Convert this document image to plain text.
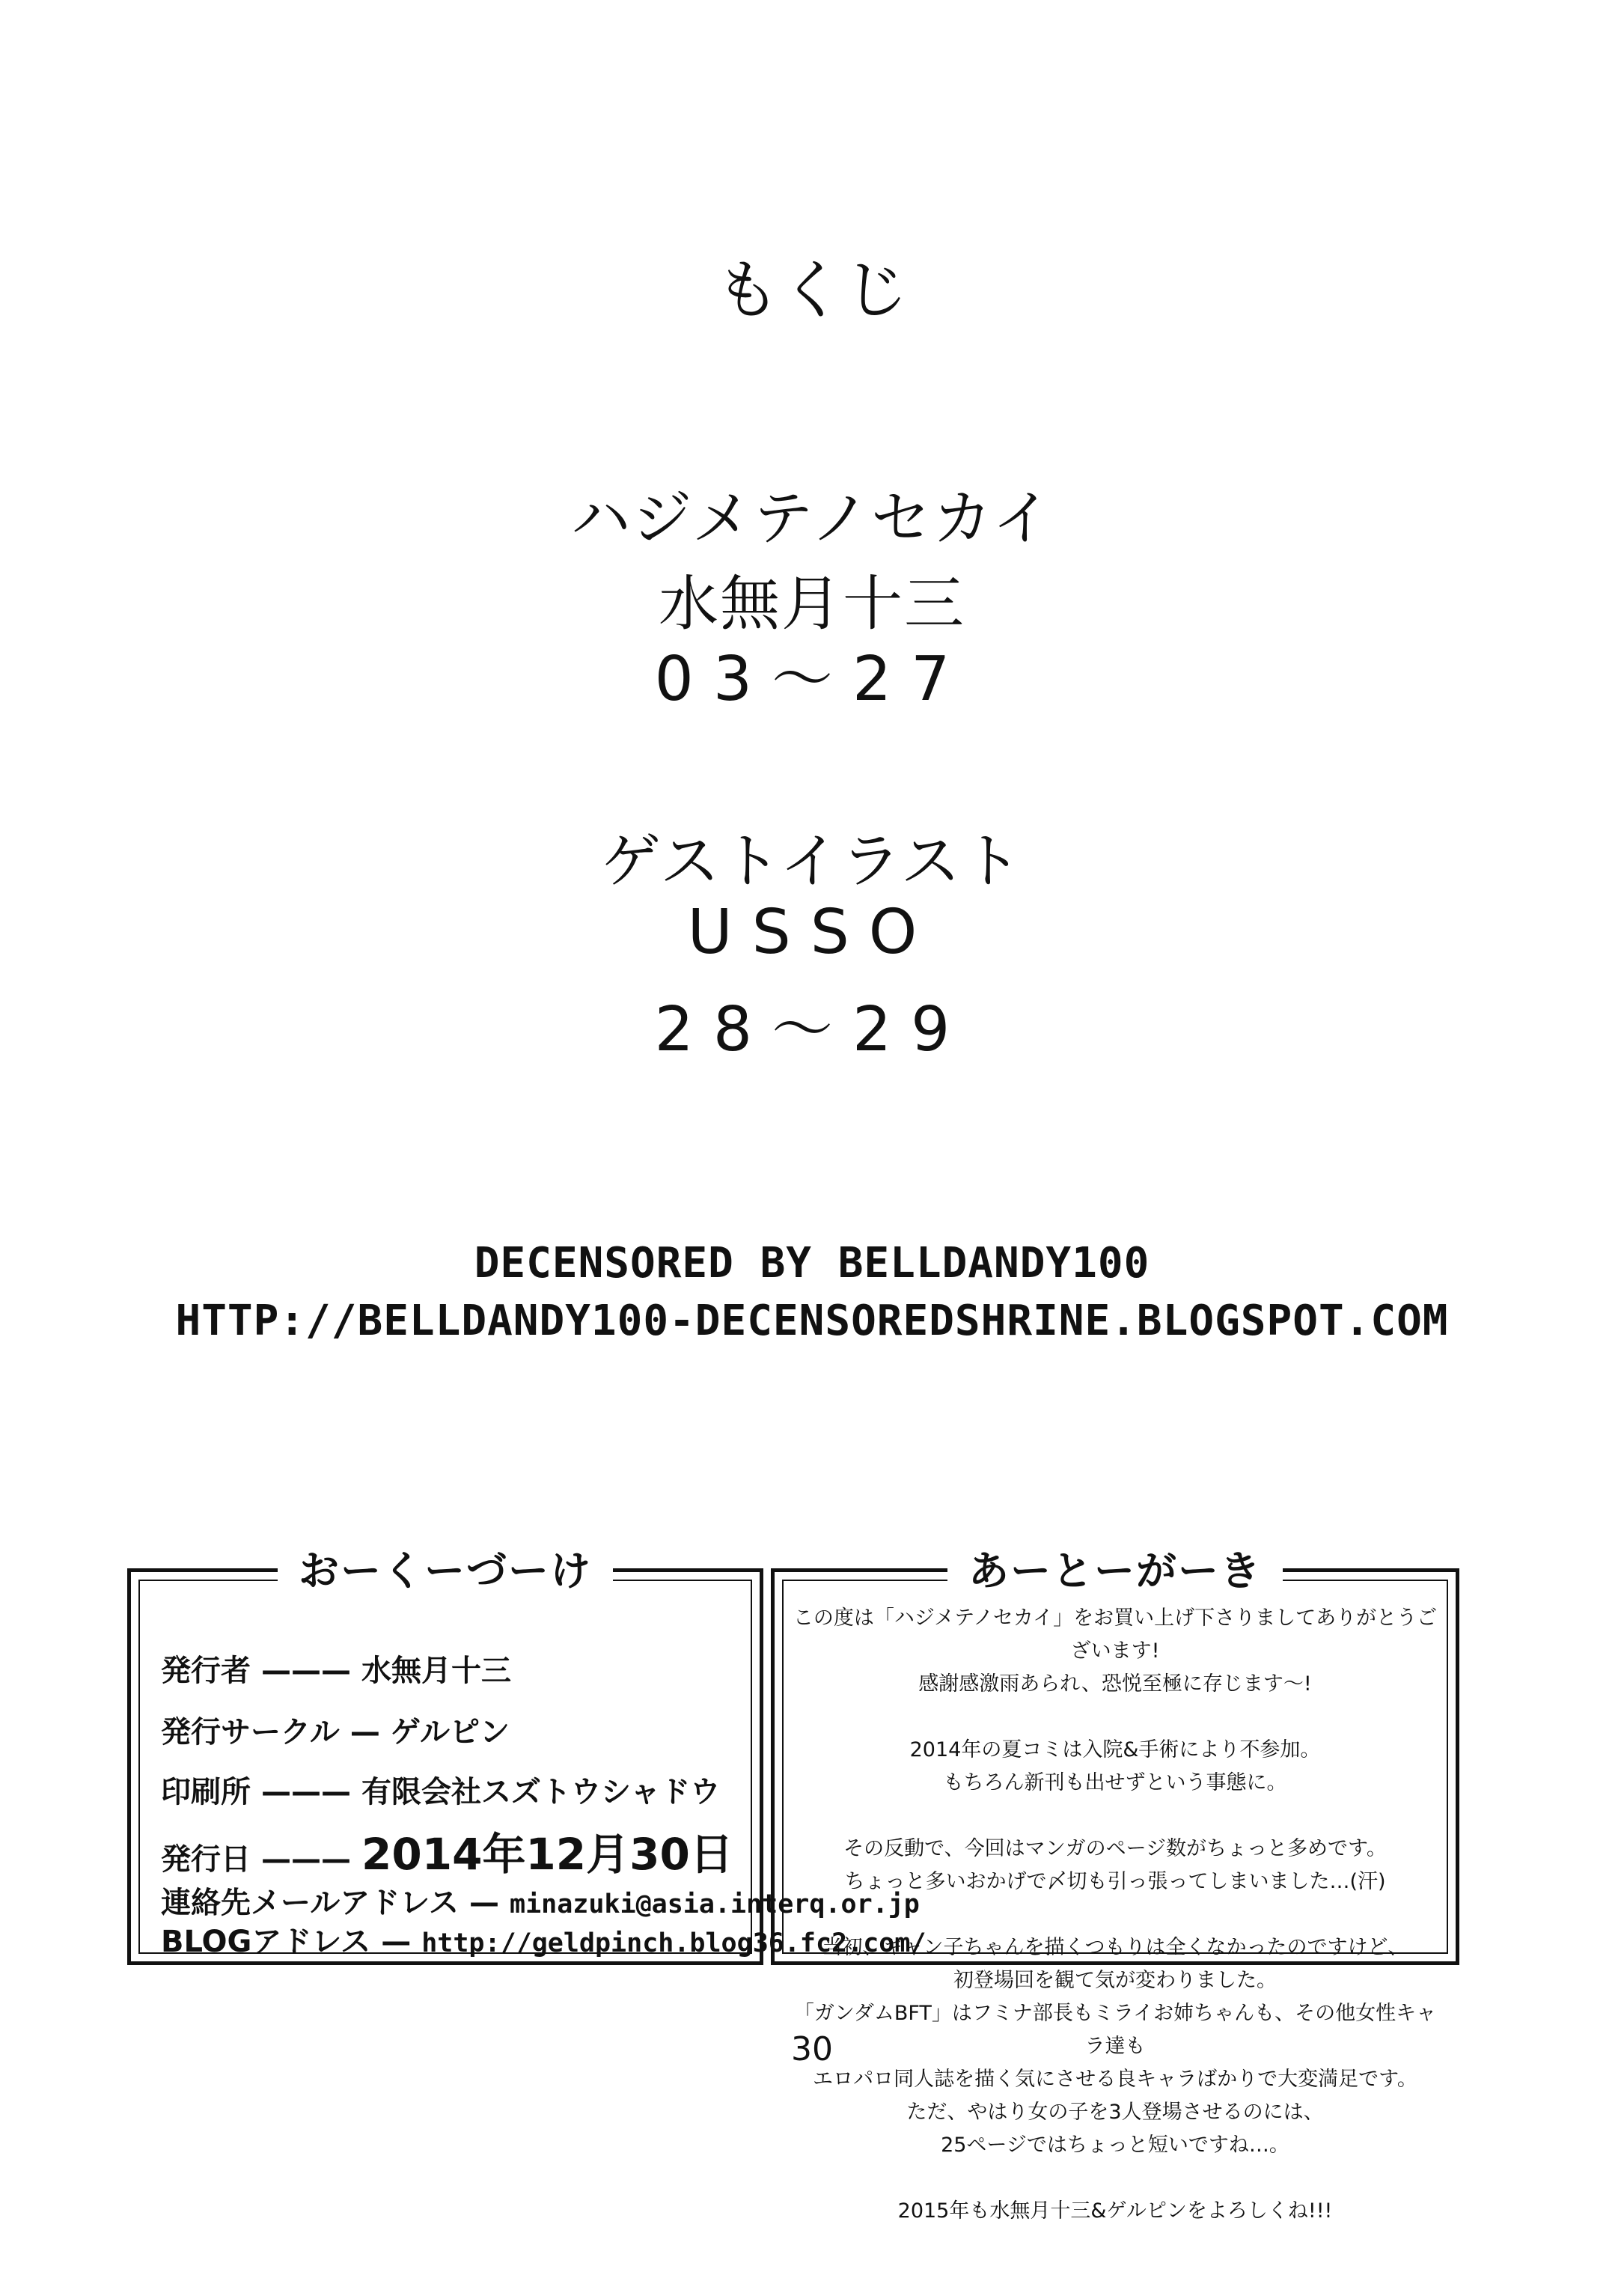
もくじ
ハジメテノセカイ
水無月十三
03～27
ゲストイラスト
USSO
28～29
DECENSORED BY BELLDANDY100
HTTP://BELLDANDY100-DECENSOREDSHRINE.BLOGSPOT.COM
おーくーづーけ
発行者 ——— 水無月十三
発行サークル — ゲルピン
印刷所 ——— 有限会社スズトウシャドウ
発行日 ——— 2014年12月30日
連絡先メールアドレス — minazuki@asia.interq.or.jp
BLOGアドレス — http://geldpinch.blog36.fc2.com/
あーとーがーき

この度は「ハジメテノセカイ」をお買い上げ下さりましてありがとうございます!

感謝感激雨あられ、恐悦至極に存じます～!

2014年の夏コミは入院&手術により不参加。

もちろん新刊も出せずという事態に。

その反動で、今回はマンガのページ数がちょっと多めです。

ちょっと多いおかげで〆切も引っ張ってしまいました…(汗)

当初、ギャン子ちゃんを描くつもりは全くなかったのですけど、

初登場回を観て気が変わりました。

「ガンダムBFT」はフミナ部長もミライお姉ちゃんも、その他女性キャラ達も

エロパロ同人誌を描く気にさせる良キャラばかりで大変満足です。

ただ、やはり女の子を3人登場させるのには、

25ページではちょっと短いですね…。

2015年も水無月十三&ゲルピンをよろしくね!!!

30
